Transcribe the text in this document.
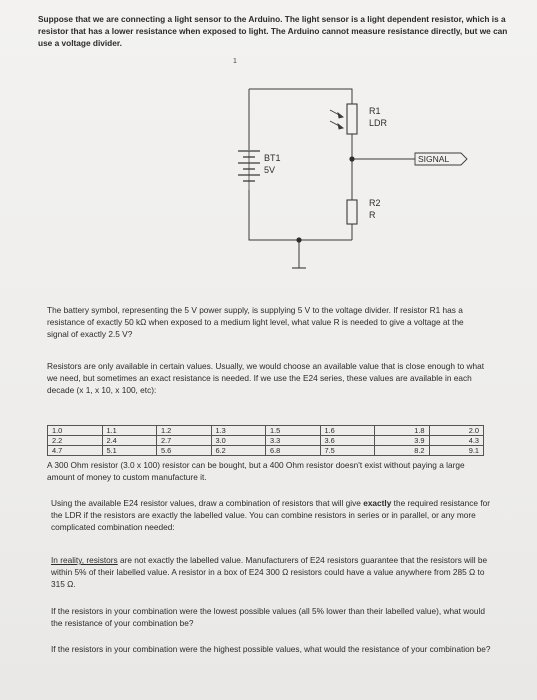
Suppose that we are connecting a light sensor to the Arduino. The light sensor is a light dependent resistor, which is a resistor that has a lower resistance when exposed to light. The Arduino cannot measure resistance directly, but we can use a voltage divider.

1
R1
LDR
BT1
5V
SIGNAL
R2
R

The battery symbol, representing the 5 V power supply, is supplying 5 V to the voltage divider. If resistor R1 has a resistance of exactly 50 kΩ when exposed to a medium light level, what value R is needed to give a voltage at the signal of exactly 2.5 V?

Resistors are only available in certain values. Usually, we would choose an available value that is close enough to what we need, but sometimes an exact resistance is needed. If we use the E24 series, these values are available in each decade (x 1, x 10, x 100, etc):

1.0	1.1	1.2	1.3	1.5	1.6	1.8	2.0
2.2	2.4	2.7	3.0	3.3	3.6	3.9	4.3
4.7	5.1	5.6	6.2	6.8	7.5	8.2	9.1

A 300 Ohm resistor (3.0 x 100) resistor can be bought, but a 400 Ohm resistor doesn't exist without paying a large amount of money to custom manufacture it.

Using the available E24 resistor values, draw a combination of resistors that will give exactly the required resistance for the LDR if the resistors are exactly the labelled value. You can combine resistors in series or in parallel, or any more complicated combination needed:

In reality, resistors are not exactly the labelled value. Manufacturers of E24 resistors guarantee that the resistors will be within 5% of their labelled value. A resistor in a box of E24 300 Ω resistors could have a value anywhere from 285 Ω to 315 Ω.

If the resistors in your combination were the lowest possible values (all 5% lower than their labelled value), what would the resistance of your combination be?

If the resistors in your combination were the highest possible values, what would the resistance of your combination be?
